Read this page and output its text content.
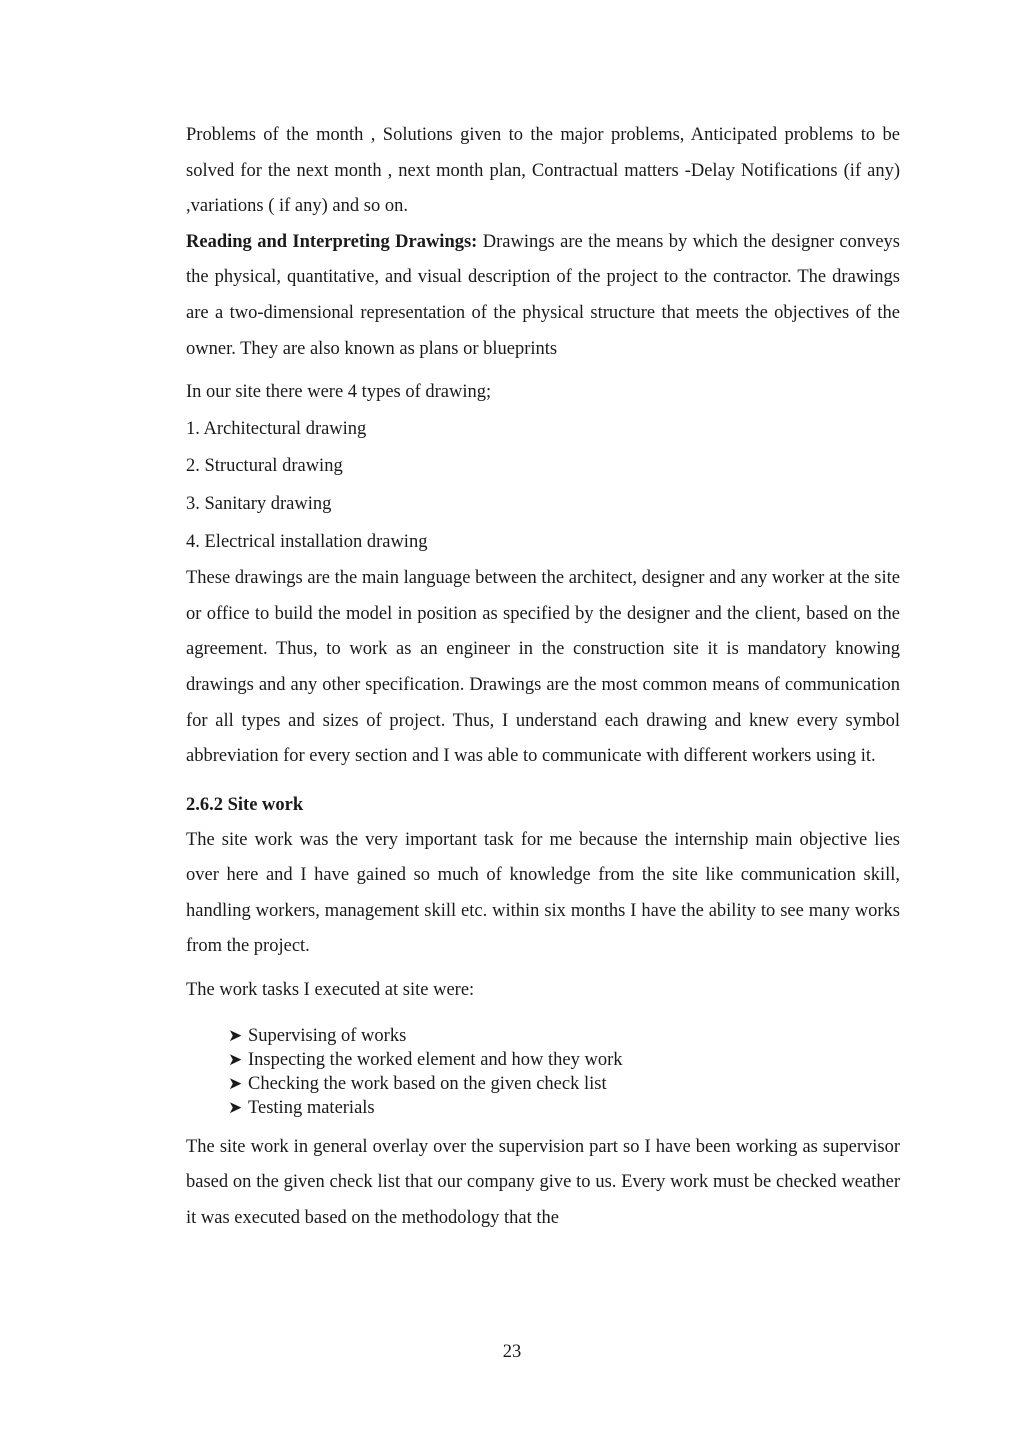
Problems of the month , Solutions given to the major problems, Anticipated problems to be solved for the next month , next month plan, Contractual matters -Delay Notifications (if any) ,variations ( if any) and so on.

Reading and Interpreting Drawings: Drawings are the means by which the designer conveys the physical, quantitative, and visual description of the project to the contractor. The drawings are a two-dimensional representation of the physical structure that meets the objectives of the owner. They are also known as plans or blueprints

In our site there were 4 types of drawing;

1. Architectural drawing

2. Structural drawing

3. Sanitary drawing

4. Electrical installation drawing

These drawings are the main language between the architect, designer and any worker at the site or office to build the model in position as specified by the designer and the client, based on the agreement. Thus, to work as an engineer in the construction site it is mandatory knowing drawings and any other specification. Drawings are the most common means of communication for all types and sizes of project. Thus, I understand each drawing and knew every symbol abbreviation for every section and I was able to communicate with different workers using it.

2.6.2 Site work

The site work was the very important task for me because the internship main objective lies over here and I have gained so much of knowledge from the site like communication skill, handling workers, management skill etc. within six months I have the ability to see many works from the project.

The work tasks I executed at site were:

➤ Supervising of works
➤ Inspecting the worked element and how they work
➤ Checking the work based on the given check list
➤ Testing materials

The site work in general overlay over the supervision part so I have been working as supervisor based on the given check list that our company give to us. Every work must be checked weather it was executed based on the methodology that the

23
